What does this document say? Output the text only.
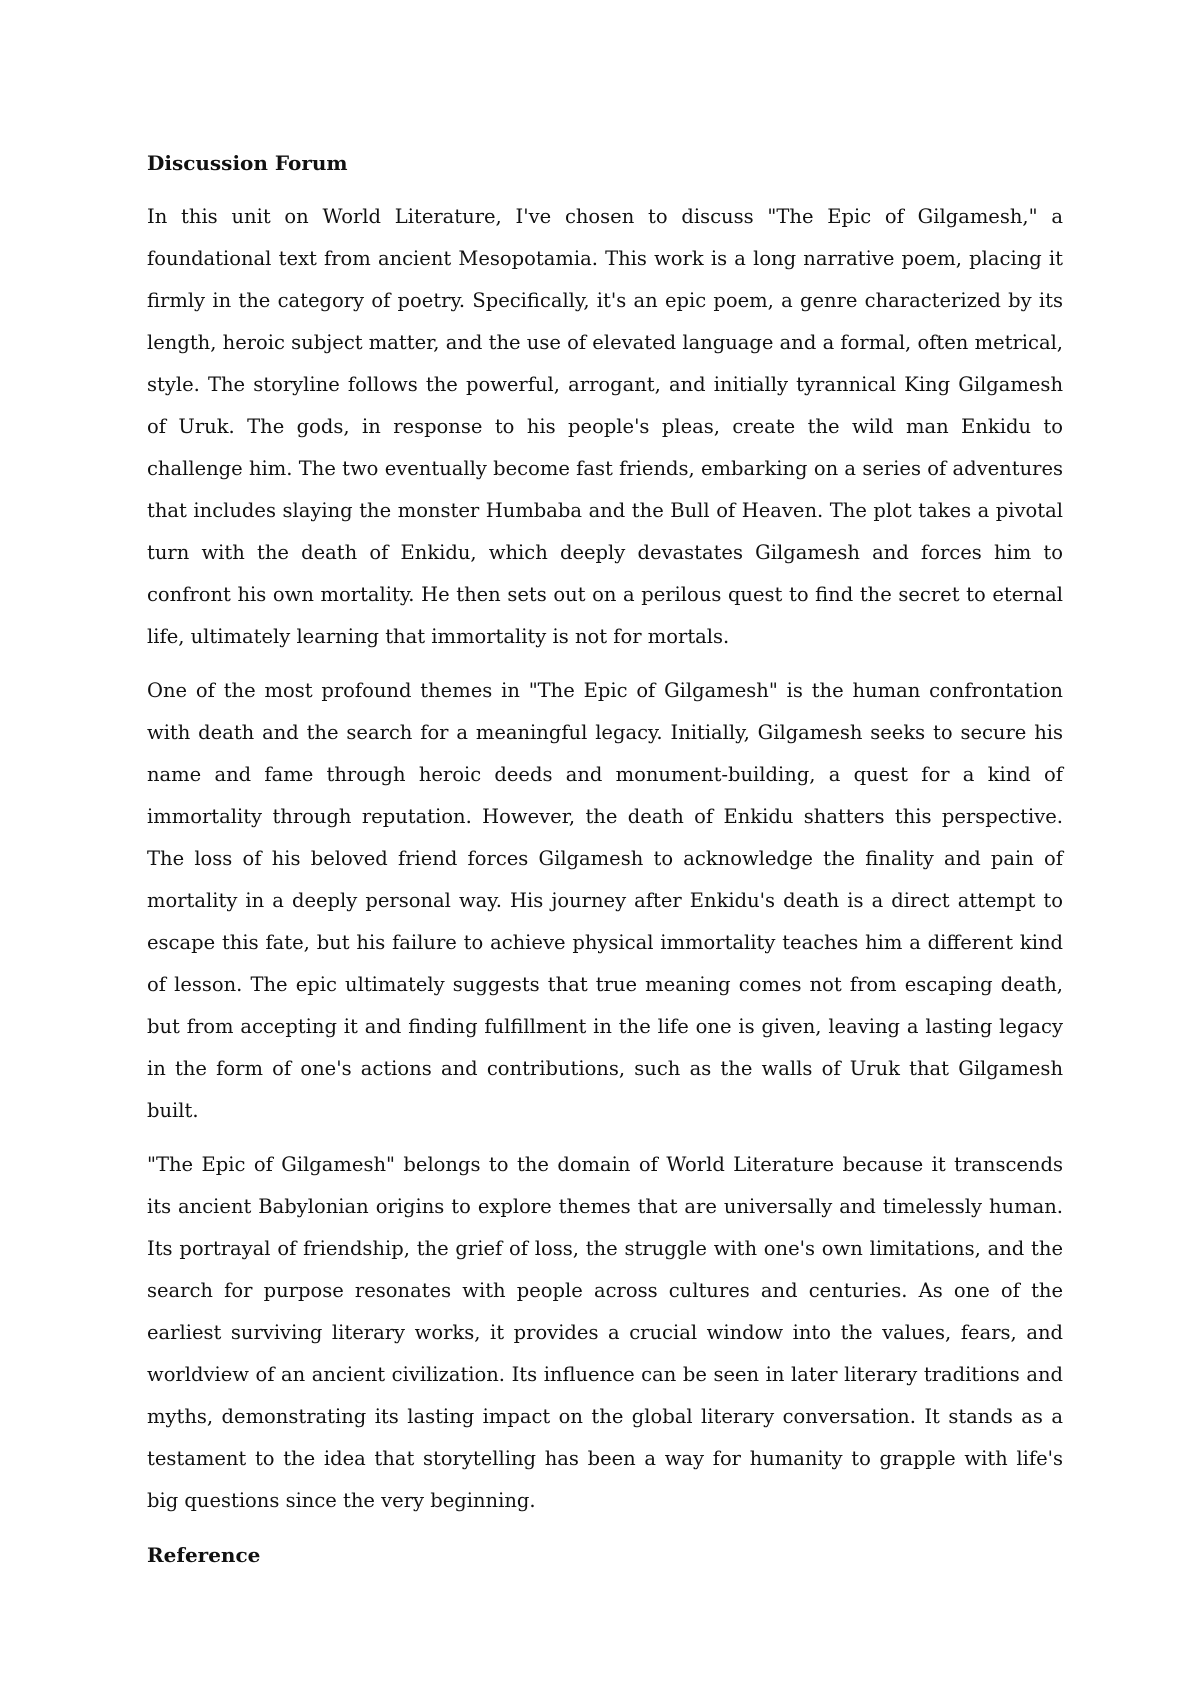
Discussion Forum

In this unit on World Literature, I've chosen to discuss "The Epic of Gilgamesh," a foundational text from ancient Mesopotamia. This work is a long narrative poem, placing it firmly in the category of poetry. Specifically, it's an epic poem, a genre characterized by its length, heroic subject matter, and the use of elevated language and a formal, often metrical, style. The storyline follows the powerful, arrogant, and initially tyrannical King Gilgamesh of Uruk. The gods, in response to his people's pleas, create the wild man Enkidu to challenge him. The two eventually become fast friends, embarking on a series of adventures that includes slaying the monster Humbaba and the Bull of Heaven. The plot takes a pivotal turn with the death of Enkidu, which deeply devastates Gilgamesh and forces him to confront his own mortality. He then sets out on a perilous quest to find the secret to eternal life, ultimately learning that immortality is not for mortals.

One of the most profound themes in "The Epic of Gilgamesh" is the human confrontation with death and the search for a meaningful legacy. Initially, Gilgamesh seeks to secure his name and fame through heroic deeds and monument-building, a quest for a kind of immortality through reputation. However, the death of Enkidu shatters this perspective. The loss of his beloved friend forces Gilgamesh to acknowledge the finality and pain of mortality in a deeply personal way. His journey after Enkidu's death is a direct attempt to escape this fate, but his failure to achieve physical immortality teaches him a different kind of lesson. The epic ultimately suggests that true meaning comes not from escaping death, but from accepting it and finding fulfillment in the life one is given, leaving a lasting legacy in the form of one's actions and contributions, such as the walls of Uruk that Gilgamesh built.

"The Epic of Gilgamesh" belongs to the domain of World Literature because it transcends its ancient Babylonian origins to explore themes that are universally and timelessly human. Its portrayal of friendship, the grief of loss, the struggle with one's own limitations, and the search for purpose resonates with people across cultures and centuries. As one of the earliest surviving literary works, it provides a crucial window into the values, fears, and worldview of an ancient civilization. Its influence can be seen in later literary traditions and myths, demonstrating its lasting impact on the global literary conversation. It stands as a testament to the idea that storytelling has been a way for humanity to grapple with life's big questions since the very beginning.

Reference
